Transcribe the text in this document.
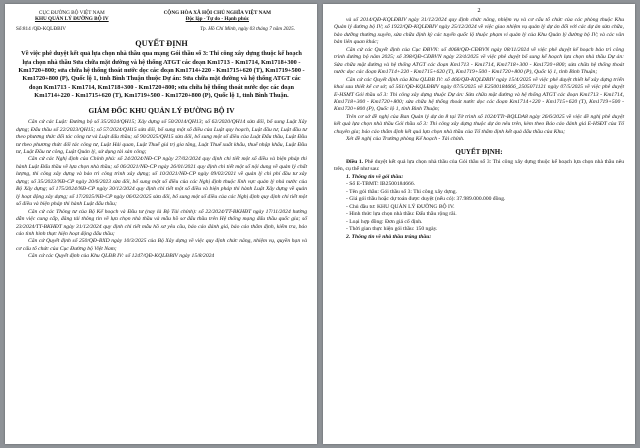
CỤC ĐƯỜNG BỘ VIỆT NAM
KHU QUẢN LÝ ĐƯỜNG BỘ IV
CỘNG HÒA XÃ HỘI CHỦ NGHĨA VIỆT NAM
Độc lập - Tự do - Hạnh phúc
Số:814 /QĐ-KQLĐBIV	Tp. Hồ Chí Minh, ngày 03 tháng 7 năm 2025.
QUYẾT ĐỊNH
Về việc phê duyệt kết quả lựa chọn nhà thầu qua mạng Gói thầu số 3: Thi công xây dựng thuộc kế hoạch lựa chọn nhà thầu Sửa chữa mặt đường và hệ thống ATGT các đoạn Km1713 - Km1714, Km1718+300 - Km1720+800; sửa chữa hệ thống thoát nước dọc các đoạn Km1714+220 - Km1715+620 (T), Km1719+500 - Km1720+800 (P), Quốc lộ 1, tỉnh Bình Thuận thuộc Dự án: Sửa chữa mặt đường và hệ thống ATGT các đoạn Km1713 - Km1714, Km1718+300 - Km1720+800; sửa chữa hệ thống thoát nước dọc các đoạn Km1714+220 - Km1715+620 (T), Km1719+500 - Km1720+800 (P), Quốc lộ 1, tỉnh Bình Thuận.
GIÁM ĐỐC KHU QUẢN LÝ ĐƯỜNG BỘ IV
Căn cứ các Luật: Đường bộ số 35/2024/QH15; Xây dựng số 50/2014/QH13; số 62/2020/QH14 sửa đổi, bổ sung Luật Xây dựng; Đấu thầu số 22/2023/QH15; số 57/2024/QH15 sửa đổi, bổ sung một số điều của Luật quy hoạch, Luật đầu tư, Luật đầu tư theo phương thức đối tác công tư và Luật đấu thầu; số 90/2025/QH15 sửa đổi, bổ sung một số điều của Luật Đấu thầu, Luật Đầu tư theo phương thức đối tác công tư, Luật Hải quan, Luật Thuế giá trị gia tăng, Luật Thuế xuất khẩu, thuế nhập khẩu, Luật Đầu tư, Luật Đầu tư công, Luật Quản lý, sử dụng tài sản công;
Căn cứ các Nghị định của Chính phủ: số 24/2024/NĐ-CP ngày 27/02/2024 quy định chi tiết một số điều và biện pháp thi hành Luật Đấu thầu về lựa chọn nhà thầu; số 06/2021/NĐ-CP ngày 26/01/2021 quy định chi tiết một số nội dung về quản lý chất lượng, thi công xây dựng và bảo trì công trình xây dựng; số 10/2021/NĐ-CP ngày 09/02/2021 về quản lý chi phí đầu tư xây dựng; số 35/2023/NĐ-CP ngày 20/6/2023 sửa đổi, bổ sung một số điều của các Nghị định thuộc lĩnh vực quản lý nhà nước của Bộ Xây dựng; số 175/2024/NĐ-CP ngày 30/12/2024 quy định chi tiết một số điều và biện pháp thi hành Luật Xây dựng về quản lý hoạt động xây dựng; số 17/2025/NĐ-CP ngày 06/02/2025 sửa đổi, bổ sung một số điều của các Nghị định quy định chi tiết một số điều và biện pháp thi hành Luật đấu thầu;
Căn cứ các Thông tư của Bộ Kế hoạch và Đầu tư (nay là Bộ Tài chính): số 22/2024/TT-BKHĐT ngày 17/11/2024 hướng dẫn việc cung cấp, đăng tải thông tin về lựa chọn nhà thầu và mẫu hồ sơ đấu thầu trên Hệ thống mạng đấu thầu quốc gia; số 23/2024/TT-BKHĐT ngày 31/12/2024 quy định chi tiết mẫu hồ sơ yêu cầu, báo cáo đánh giá, báo cáo thẩm định, kiểm tra, báo cáo tình hình thực hiện hoạt động đấu thầu;
Căn cứ Quyết định số 250/QĐ-BXD ngày 10/3/2025 của Bộ Xây dựng về việc quy định chức năng, nhiệm vụ, quyền hạn và cơ cấu tổ chức của Cục Đường bộ Việt Nam;
Căn cứ các Quyết định của Khu QLĐB IV: số 1247/QĐ-KQLĐBIV ngày 15/8/2024
2
và số 2014/QĐ-KQLĐBIV ngày 31/12/2024 quy định chức năng, nhiệm vụ và cơ cấu tổ chức của các phòng thuộc Khu Quản lý đường bộ IV; số 1922/QĐ-KQLĐBIV ngày 25/12/2024 về việc giao nhiệm vụ quản lý dự án đối với các dự án sửa chữa, bảo dưỡng thường xuyên, sửa chữa định kỳ các tuyến quốc lộ thuộc phạm vi quản lý của Khu Quản lý đường bộ IV; và các văn bản liên quan khác;
Căn cứ các Quyết định của Cục ĐBVN: số 4068/QĐ-CĐBVN ngày 08/11/2024 về việc phê duyệt kế hoạch bảo trì công trình đường bộ năm 2025; số 398/QĐ-CĐBVN ngày 23/4/2025 về việc phê duyệt bổ sung kế hoạch lựa chọn nhà thầu Dự án: Sửa chữa mặt đường và hệ thống ATGT các đoạn Km1713 - Km1714, Km1718+300 - Km1720+800; sửa chữa hệ thống thoát nước dọc các đoạn Km1714+220 - Km1715+620 (T), Km1719+500 - Km1720+800 (P), Quốc lộ 1, tỉnh Bình Thuận;
Căn cứ các Quyết định của Khu QLĐB IV: số 466/QĐ-KQLĐBIV ngày 15/4/2025 về việc phê duyệt thiết kế xây dựng triển khai sau thiết kế cơ sở; số 561/QĐ-KQLĐBIV ngày 07/5/2025 về E2500184666_2505071121 ngày 07/5/2025 về việc phê duyệt E-HSMT Gói thầu số 3: Thi công xây dựng thuộc Dự án: Sửa chữa mặt đường và hệ thống ATGT các đoạn Km1713 - Km1714, Km1718+300 - Km1720+800; sửa chữa hệ thống thoát nước dọc các đoạn Km1714+220 - Km1715+620 (T), Km1719+500 - Km1720+800 (P), Quốc lộ 1, tỉnh Bình Thuận;
Trên cơ sở đề nghị của Ban Quản lý dự án 8 tại Tờ trình số 1024/TTr-BQLDA8 ngày 26/6/2025 về việc đề nghị phê duyệt kết quả lựa chọn nhà thầu Gói thầu số 3: Thi công xây dựng thuộc dự án nêu trên, kèm theo Báo cáo đánh giá E-HSĐT của Tổ chuyên gia; báo cáo thẩm định kết quả lựa chọn nhà thầu của Tổ thẩm định kết quả đấu thầu của Khu;
Xét đề nghị của Trưởng phòng Kế hoạch - Tài chính.
QUYẾT ĐỊNH:
Điều 1. Phê duyệt kết quả lựa chọn nhà thầu của Gói thầu số 3: Thi công xây dựng thuộc kế hoạch lựa chọn nhà thầu nêu trên, cụ thể như sau:
1. Thông tin về gói thầu:
- Số E-TBMT: IB2500184666.
- Tên gói thầu: Gói thầu số 3: Thi công xây dựng.
- Giá gói thầu hoặc dự toán được duyệt (nếu có): 37.989.000.000 đồng.
- Chủ đầu tư: KHU QUẢN LÝ ĐƯỜNG BỘ IV.
- Hình thức lựa chọn nhà thầu: Đấu thầu rộng rãi.
- Loại hợp đồng: Đơn giá cố định.
- Thời gian thực hiện gói thầu: 150 ngày.
2. Thông tin về nhà thầu trúng thầu:
